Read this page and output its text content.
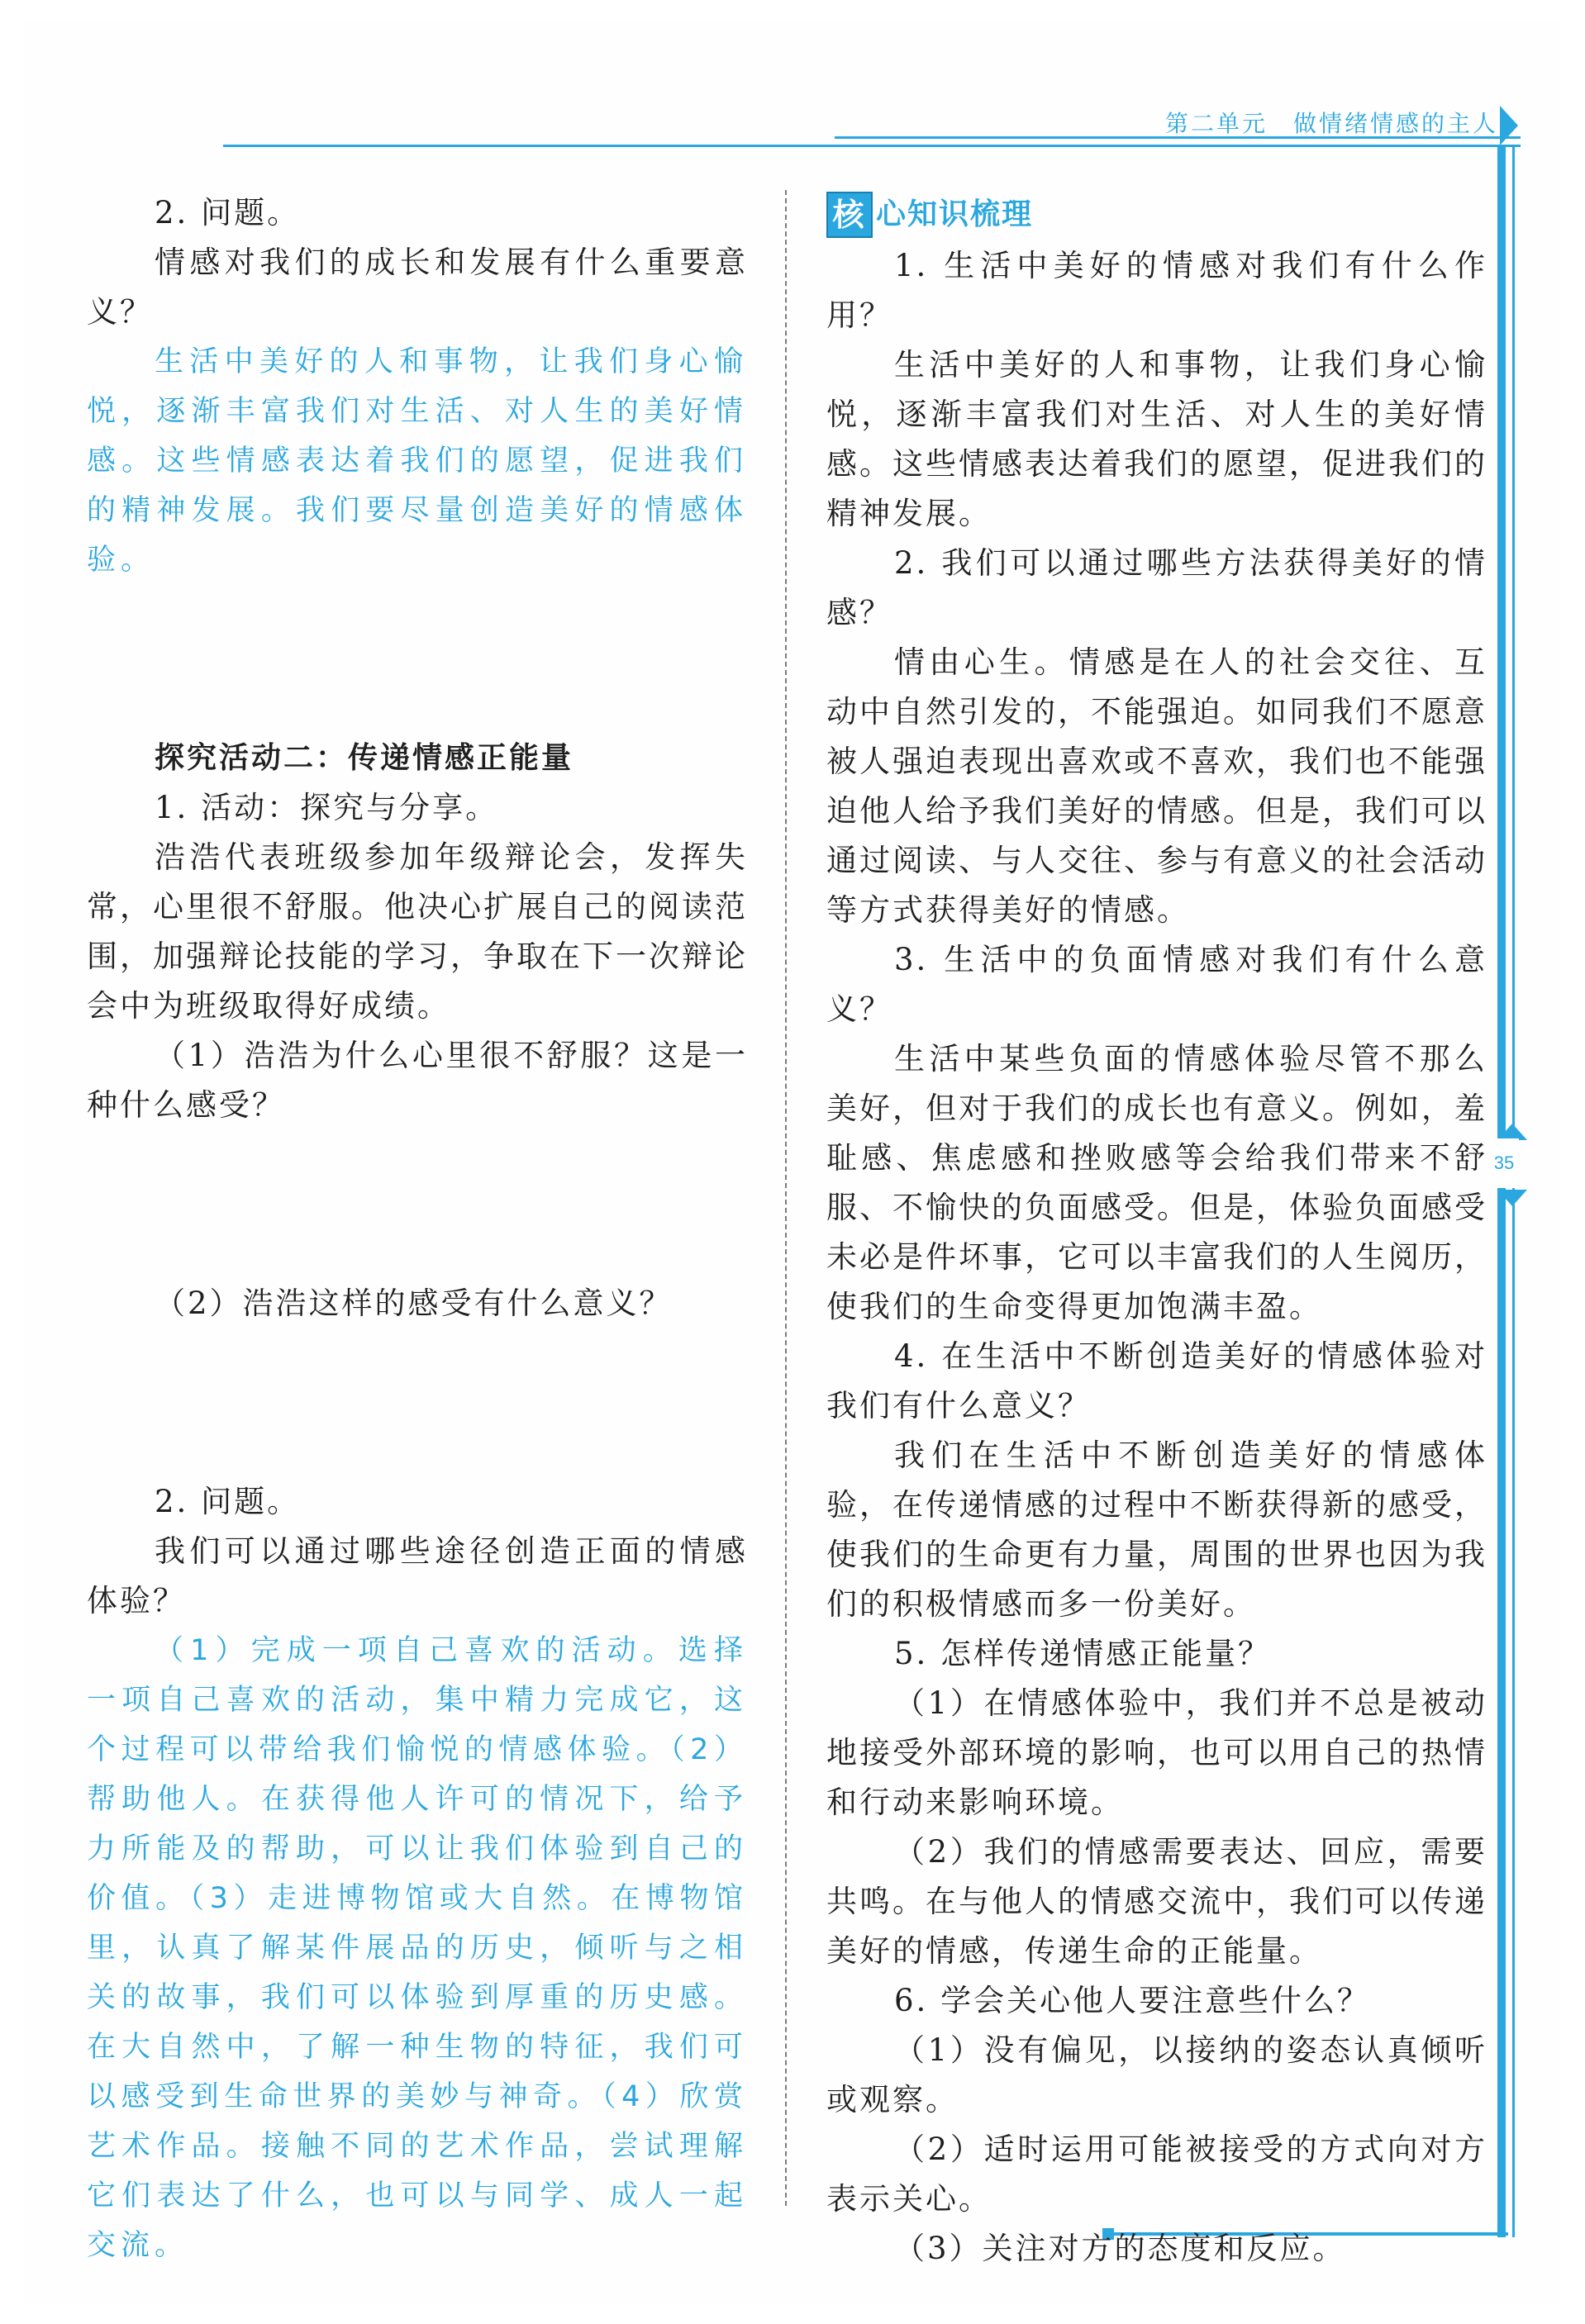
第二单元　做情绪情感的主人
35

2. 问题。

情感对我们的成长和发展有什么重要意义？

生活中美好的人和事物，让我们身心愉悦，逐渐丰富我们对生活、对人生的美好情感。这些情感表达着我们的愿望，促进我们的精神发展。我们要尽量创造美好的情感体验。

探究活动二：传递情感正能量

1. 活动：探究与分享。

浩浩代表班级参加年级辩论会，发挥失常，心里很不舒服。他决心扩展自己的阅读范围，加强辩论技能的学习，争取在下一次辩论会中为班级取得好成绩。

（1）浩浩为什么心里很不舒服？这是一种什么感受？

（2）浩浩这样的感受有什么意义？

2. 问题。

我们可以通过哪些途径创造正面的情感体验？

（1）完成一项自己喜欢的活动。选择一项自己喜欢的活动，集中精力完成它，这个过程可以带给我们愉悦的情感体验。（2）帮助他人。在获得他人许可的情况下，给予力所能及的帮助，可以让我们体验到自己的价值。（3）走进博物馆或大自然。在博物馆里，认真了解某件展品的历史，倾听与之相关的故事，我们可以体验到厚重的历史感。在大自然中，了解一种生物的特征，我们可以感受到生命世界的美妙与神奇。（4）欣赏艺术作品。接触不同的艺术作品，尝试理解它们表达了什么，也可以与同学、成人一起交流。

核 心知识梳理

1. 生活中美好的情感对我们有什么作用？

生活中美好的人和事物，让我们身心愉悦，逐渐丰富我们对生活、对人生的美好情感。这些情感表达着我们的愿望，促进我们的精神发展。

2. 我们可以通过哪些方法获得美好的情感？

情由心生。情感是在人的社会交往、互动中自然引发的，不能强迫。如同我们不愿意被人强迫表现出喜欢或不喜欢，我们也不能强迫他人给予我们美好的情感。但是，我们可以通过阅读、与人交往、参与有意义的社会活动等方式获得美好的情感。

3. 生活中的负面情感对我们有什么意义？

生活中某些负面的情感体验尽管不那么美好，但对于我们的成长也有意义。例如，羞耻感、焦虑感和挫败感等会给我们带来不舒服、不愉快的负面感受。但是，体验负面感受未必是件坏事，它可以丰富我们的人生阅历，使我们的生命变得更加饱满丰盈。

4. 在生活中不断创造美好的情感体验对我们有什么意义？

我们在生活中不断创造美好的情感体验，在传递情感的过程中不断获得新的感受，使我们的生命更有力量，周围的世界也因为我们的积极情感而多一份美好。

5. 怎样传递情感正能量？

（1）在情感体验中，我们并不总是被动地接受外部环境的影响，也可以用自己的热情和行动来影响环境。

（2）我们的情感需要表达、回应，需要共鸣。在与他人的情感交流中，我们可以传递美好的情感，传递生命的正能量。

6. 学会关心他人要注意些什么？

（1）没有偏见，以接纳的姿态认真倾听或观察。

（2）适时运用可能被接受的方式向对方表示关心。

（3）关注对方的态度和反应。
